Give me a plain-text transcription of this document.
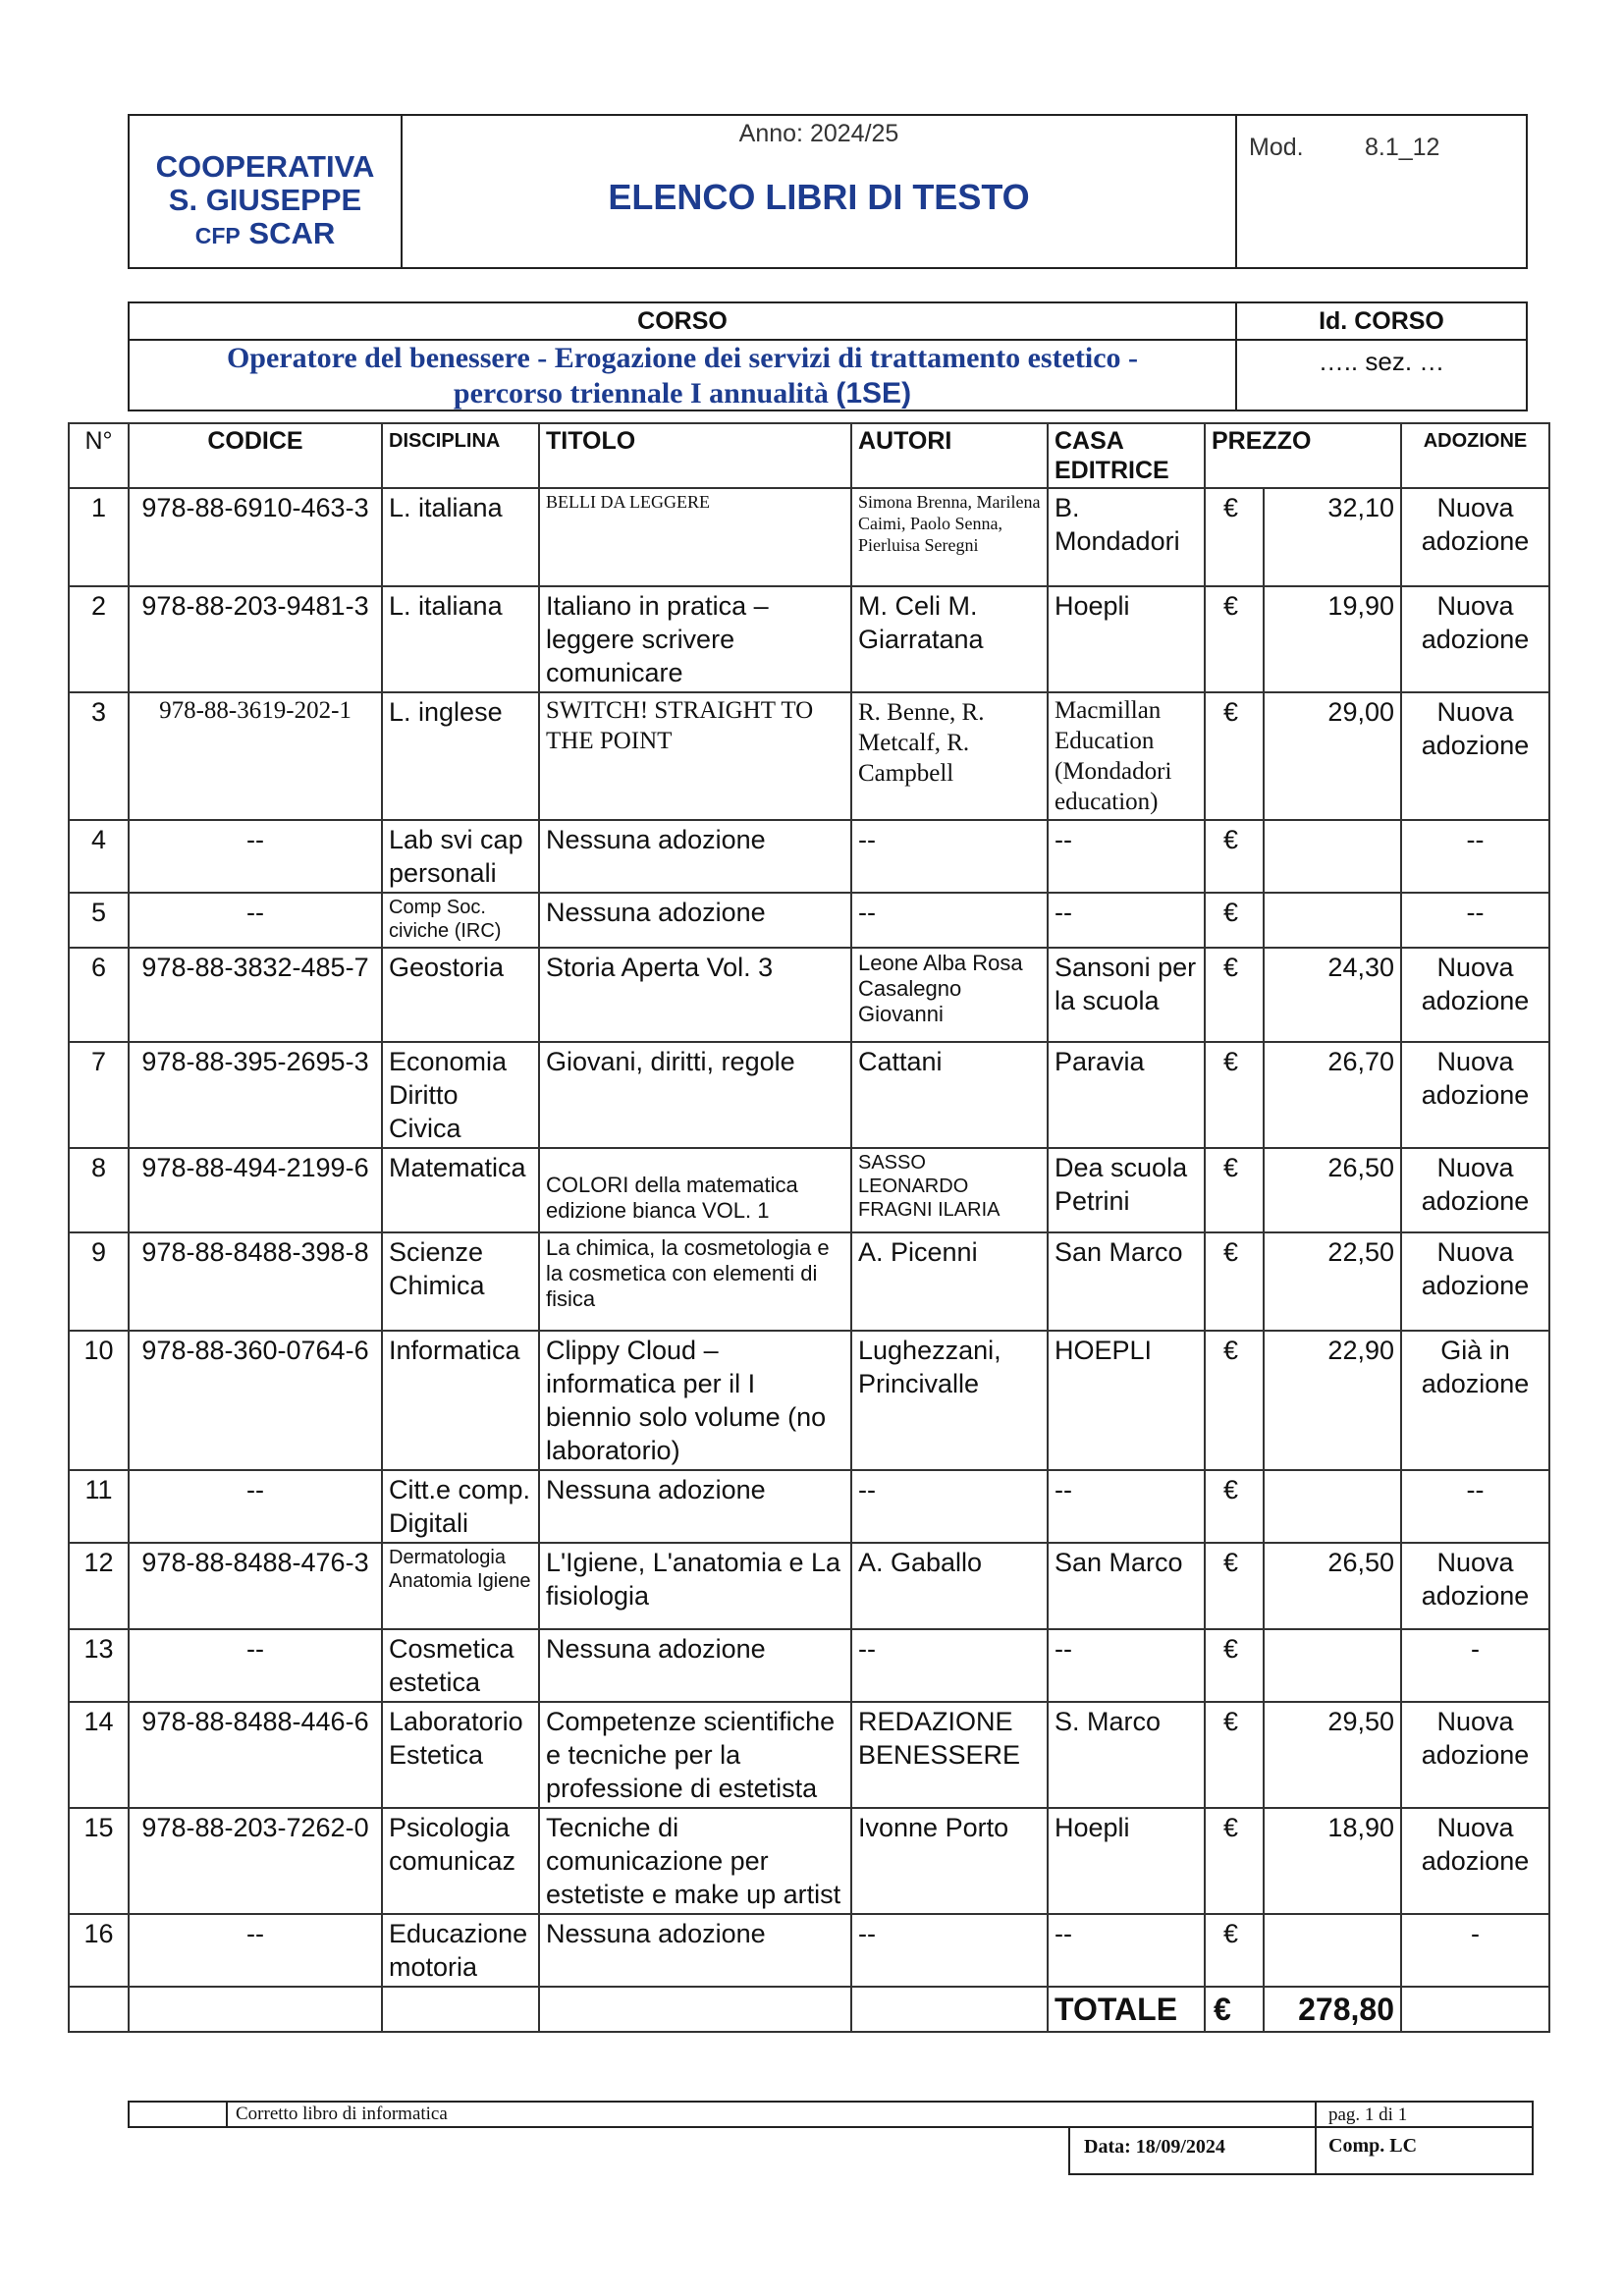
COOPERATIVA
S. GIUSEPPE
CFP SCAR
Anno: 2024/25
ELENCO LIBRI DI TESTO
Mod. 8.1_12
CORSO
Operatore del benessere - Erogazione dei servizi di trattamento estetico -
percorso triennale I annualità (1SE)
Id. CORSO
….. sez. …
N°	CODICE	DISCIPLINA	TITOLO	AUTORI	CASA EDITRICE	PREZZO		ADOZIONE
1	978-88-6910-463-3	L. italiana	BELLI DA LEGGERE	Simona Brenna, Marilena Caimi, Paolo Senna, Pierluisa Seregni	B. Mondadori	€	32,10	Nuova adozione
2	978-88-203-9481-3	L. italiana	Italiano in pratica – leggere scrivere comunicare	M. Celi M. Giarratana	Hoepli	€	19,90	Nuova adozione
3	978-88-3619-202-1	L. inglese	SWITCH! STRAIGHT TO THE POINT	R. Benne, R. Metcalf, R. Campbell	Macmillan Education (Mondadori education)	€	29,00	Nuova adozione
4	--	Lab svi cap personali	Nessuna adozione	--	--	€		--
5	--	Comp Soc. civiche (IRC)	Nessuna adozione	--	--	€		--
6	978-88-3832-485-7	Geostoria	Storia Aperta Vol. 3	Leone Alba Rosa Casalegno Giovanni	Sansoni per la scuola	€	24,30	Nuova adozione
7	978-88-395-2695-3	Economia Diritto Civica	Giovani, diritti, regole	Cattani	Paravia	€	26,70	Nuova adozione
8	978-88-494-2199-6	Matematica	COLORI della matematica edizione bianca VOL. 1	SASSO LEONARDO FRAGNI ILARIA	Dea scuola Petrini	€	26,50	Nuova adozione
9	978-88-8488-398-8	Scienze Chimica	La chimica, la cosmetologia e la cosmetica con elementi di fisica	A. Picenni	San Marco	€	22,50	Nuova adozione
10	978-88-360-0764-6	Informatica	Clippy Cloud – informatica per il I biennio solo volume (no laboratorio)	Lughezzani, Princivalle	HOEPLI	€	22,90	Già in adozione
11	--	Citt.e comp. Digitali	Nessuna adozione	--	--	€		--
12	978-88-8488-476-3	Dermatologia Anatomia Igiene	L'Igiene, L'anatomia e La fisiologia	A. Gaballo	San Marco	€	26,50	Nuova adozione
13	--	Cosmetica estetica	Nessuna adozione	--	--	€		-
14	978-88-8488-446-6	Laboratorio Estetica	Competenze scientifiche e tecniche per la professione di estetista	REDAZIONE BENESSERE	S. Marco	€	29,50	Nuova adozione
15	978-88-203-7262-0	Psicologia comunicaz	Tecniche di comunicazione per estetiste e make up artist	Ivonne Porto	Hoepli	€	18,90	Nuova adozione
16	--	Educazione motoria	Nessuna adozione	--	--	€		-
					TOTALE	€	278,80	
Corretto libro di informatica	pag. 1 di 1
Data: 18/09/2024	Comp. LC
